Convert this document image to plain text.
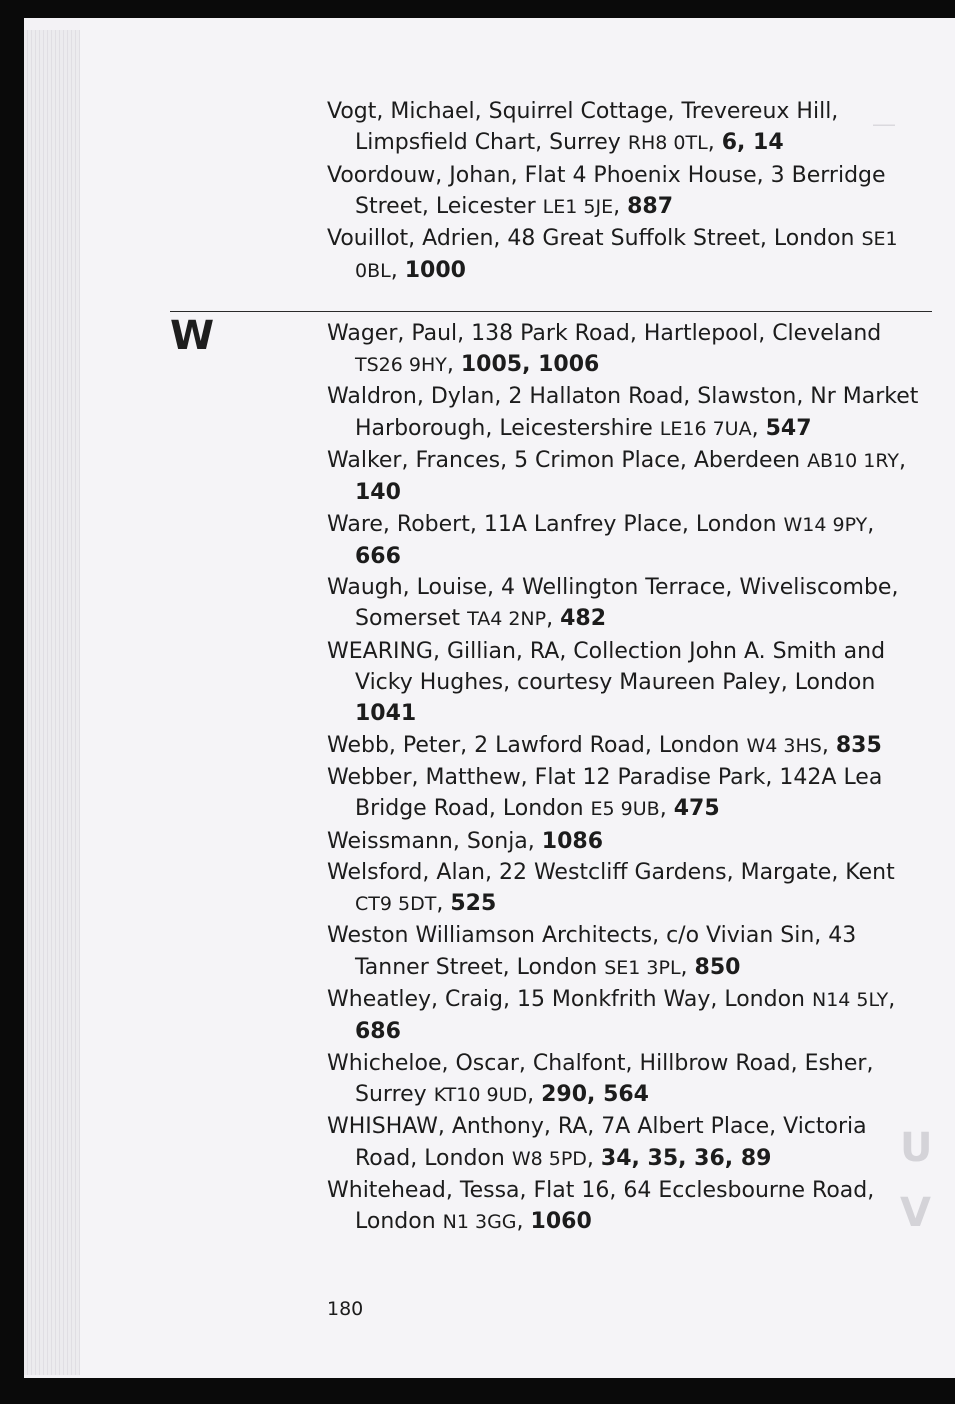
—
U
V
W
Vogt, Michael, Squirrel Cottage, Trevereux Hill, Limpsfield Chart, Surrey RH8 0TL, 6, 14
Voordouw, Johan, Flat 4 Phoenix House, 3 Berridge Street, Leicester LE1 5JE, 887
Vouillot, Adrien, 48 Great Suffolk Street, London SE1 0BL, 1000
Wager, Paul, 138 Park Road, Hartlepool, Cleveland TS26 9HY, 1005, 1006
Waldron, Dylan, 2 Hallaton Road, Slawston, Nr Market Harborough, Leicestershire LE16 7UA, 547
Walker, Frances, 5 Crimon Place, Aberdeen AB10 1RY, 140
Ware, Robert, 11A Lanfrey Place, London W14 9PY, 666
Waugh, Louise, 4 Wellington Terrace, Wiveliscombe, Somerset TA4 2NP, 482
WEARING, Gillian, RA, Collection John A. Smith and Vicky Hughes, courtesy Maureen Paley, London 1041
Webb, Peter, 2 Lawford Road, London W4 3HS, 835
Webber, Matthew, Flat 12 Paradise Park, 142A Lea Bridge Road, London E5 9UB, 475
Weissmann, Sonja, 1086
Welsford, Alan, 22 Westcliff Gardens, Margate, Kent CT9 5DT, 525
Weston Williamson Architects, c/o Vivian Sin, 43 Tanner Street, London SE1 3PL, 850
Wheatley, Craig, 15 Monkfrith Way, London N14 5LY, 686
Whicheloe, Oscar, Chalfont, Hillbrow Road, Esher, Surrey KT10 9UD, 290, 564
WHISHAW, Anthony, RA, 7A Albert Place, Victoria Road, London W8 5PD, 34, 35, 36, 89
Whitehead, Tessa, Flat 16, 64 Ecclesbourne Road, London N1 3GG, 1060
180
